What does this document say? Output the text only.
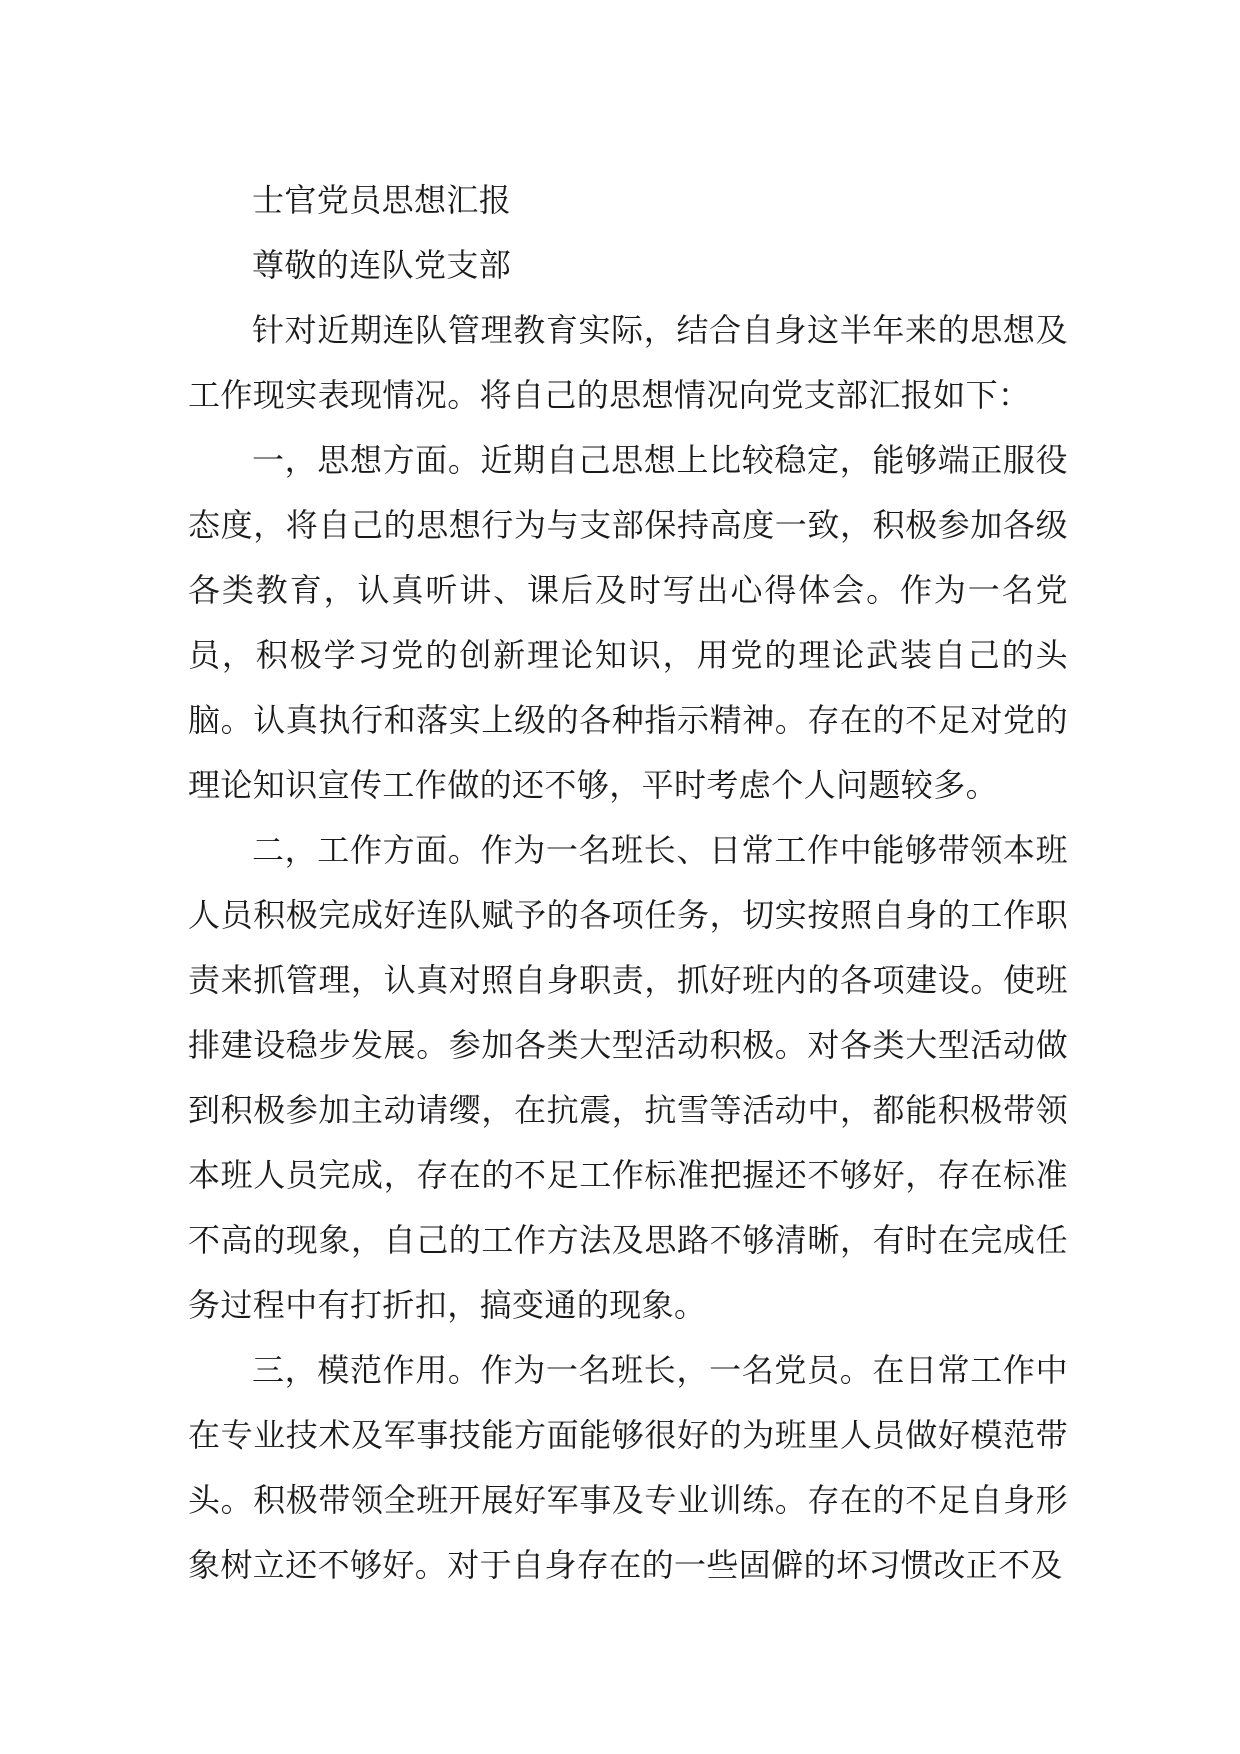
士官党员思想汇报

尊敬的连队党支部

针对近期连队管理教育实际，结合自身这半年来的思想及工作现实表现情况。将自己的思想情况向党支部汇报如下：

一，思想方面。近期自己思想上比较稳定，能够端正服役态度，将自己的思想行为与支部保持高度一致，积极参加各级各类教育，认真听讲、课后及时写出心得体会。作为一名党员，积极学习党的创新理论知识，用党的理论武装自己的头脑。认真执行和落实上级的各种指示精神。存在的不足对党的理论知识宣传工作做的还不够，平时考虑个人问题较多。

二，工作方面。作为一名班长、日常工作中能够带领本班人员积极完成好连队赋予的各项任务，切实按照自身的工作职责来抓管理，认真对照自身职责，抓好班内的各项建设。使班排建设稳步发展。参加各类大型活动积极。对各类大型活动做到积极参加主动请缨，在抗震，抗雪等活动中，都能积极带领本班人员完成，存在的不足工作标准把握还不够好，存在标准不高的现象，自己的工作方法及思路不够清晰，有时在完成任务过程中有打折扣，搞变通的现象。

三，模范作用。作为一名班长，一名党员。在日常工作中在专业技术及军事技能方面能够很好的为班里人员做好模范带头。积极带领全班开展好军事及专业训练。存在的不足自身形象树立还不够好。对于自身存在的一些固僻的坏习惯改正不及
